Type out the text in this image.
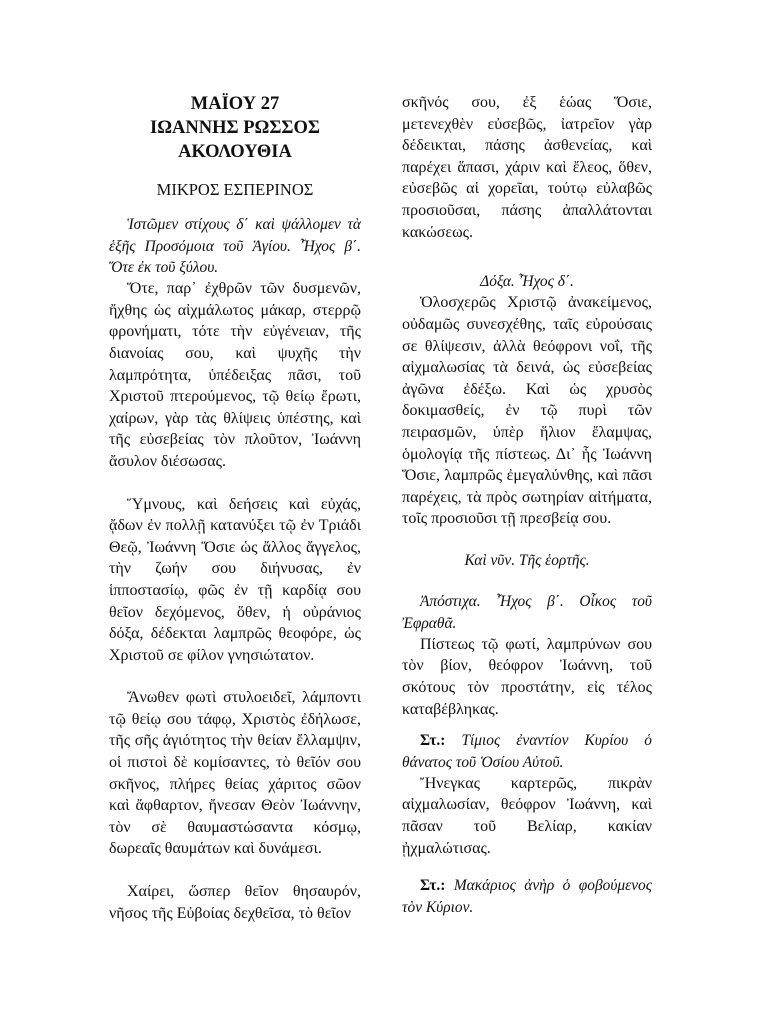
ΜΑΪΟΥ 27
ΙΩΑΝΝΗΣ ΡΩΣΣΟΣ
ΑΚΟΛΟΥΘΙΑ
ΜΙΚΡΟΣ ΕΣΠΕΡΙΝΟΣ

Ἱστῶμεν στίχους δ΄ καὶ ψάλλομεν τὰ ἑξῆς Προσόμοια τοῦ Ἁγίου. Ἦχος β΄. Ὅτε ἐκ τοῦ ξύλου.

Ὅτε, παρ᾽ ἐχθρῶν τῶν δυσμενῶν, ἤχθης ὡς αἰχμάλωτος μάκαρ, στερρῷ φρονήματι, τότε τὴν εὐγένειαν, τῆς διανοίας σου, καὶ ψυχῆς τὴν λαμπρότητα, ὑπέδειξας πᾶσι, τοῦ Χριστοῦ πτερούμενος, τῷ θείῳ ἔρωτι, χαίρων, γὰρ τὰς θλίψεις ὑπέστης, καὶ τῆς εὐσεβείας τὸν πλοῦτον, Ἰωάννη ἄσυλον διέσωσας.

Ὕμνους, καὶ δεήσεις καὶ εὐχάς, ᾄδων ἐν πολλῇ κατανύξει τῷ ἐν Τριάδι Θεῷ, Ἰωάννη Ὅσιε ὡς ἄλλος ἄγγελος, τὴν ζωήν σου διήνυσας, ἐν ἱπποστασίῳ, φῶς ἐν τῇ καρδίᾳ σου θεῖον δεχόμενος, ὅθεν, ἡ οὐράνιος δόξα, δέδεκται λαμπρῶς θεοφόρε, ὡς Χριστοῦ σε φίλον γνησιώτατον.

Ἄνωθεν φωτὶ στυλοειδεῖ, λάμποντι τῷ θείῳ σου τάφῳ, Χριστὸς ἐδήλωσε, τῆς σῆς ἁγιότητος τὴν θείαν ἔλλαμψιν, οἱ πιστοὶ δὲ κομίσαντες, τὸ θεῖόν σου σκῆνος, πλήρες θείας χάριτος σῶον καὶ ἄφθαρτον, ἤνεσαν Θεὸν Ἰωάννην, τὸν σὲ θαυμαστώσαντα κόσμῳ, δωρεαῖς θαυμάτων καὶ δυνάμεσι.

Χαίρει, ὥσπερ θεῖον θησαυρόν, νῆσος τῆς Εὐβοίας δεχθεῖσα, τὸ θεῖον

σκῆνός σου, ἐξ ἑώας Ὅσιε, μετενεχθὲν εὐσεβῶς, ἰατρεῖον γὰρ δέδεικται, πάσης ἀσθενείας, καὶ παρέχει ἅπασι, χάριν καὶ ἔλεος, ὅθεν, εὐσεβῶς αἱ χορεῖαι, τούτῳ εὐλαβῶς προσιοῦσαι, πάσης ἀπαλλάτονται κακώσεως.

Δόξα. Ἦχος δ΄.

Ὁλοσχερῶς Χριστῷ ἀνακείμενος, οὐδαμῶς συνεσχέθης, ταῖς εὐρούσαις σε θλίψεσιν, ἀλλὰ θεόφρονι νοΐ, τῆς αἰχμαλωσίας τὰ δεινά, ὡς εὐσεβείας ἀγῶνα ἐδέξω. Καὶ ὡς χρυσὸς δοκιμασθείς, ἐν τῷ πυρὶ τῶν πειρασμῶν, ὑπὲρ ἥλιον ἔλαμψας, ὁμολογίᾳ τῆς πίστεως. Δι᾽ ἧς Ἰωάννη Ὅσιε, λαμπρῶς ἐμεγαλύνθης, καὶ πᾶσι παρέχεις, τὰ πρὸς σωτηρίαν αἰτήματα, τοῖς προσιοῦσι τῇ πρεσβείᾳ σου.

Καὶ νῦν. Τῆς ἑορτῆς.

Ἀπόστιχα. Ἦχος β΄. Οἶκος τοῦ Ἐφραθᾶ.

Πίστεως τῷ φωτί, λαμπρύνων σου τὸν βίον, θεόφρον Ἰωάννη, τοῦ σκότους τὸν προστάτην, εἰς τέλος καταβέβληκας.

Στ.: Τίμιος ἐναντίον Κυρίου ὁ θάνατος τοῦ Ὁσίου Αὐτοῦ.

Ἤνεγκας καρτερῶς, πικρὰν αἰχμαλωσίαν, θεόφρον Ἰωάννη, καὶ πᾶσαν τοῦ Βελίαρ, κακίαν ᾐχμαλώτισας.

Στ.: Μακάριος ἀνὴρ ὁ φοβούμενος τὸν Κύριον.
